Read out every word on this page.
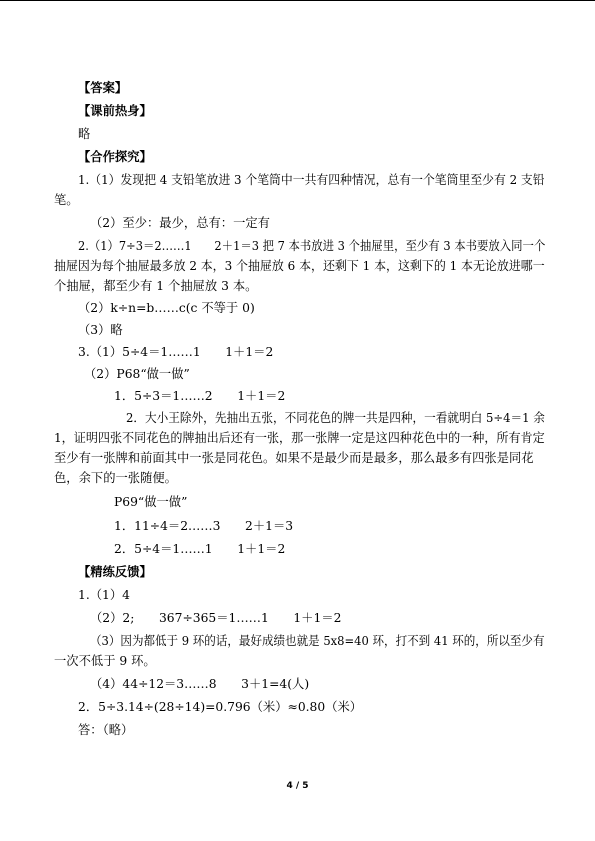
【答案】
【课前热身】
略
【合作探究】
1.（1）发现把 4 支铅笔放进 3 个笔筒中一共有四种情况，总有一个笔筒里至少有 2 支铅
笔。
（2）至少：最少，总有：一定有
2.（1）7÷3＝2……1　　2＋1＝3 把 7 本书放进 3 个抽屉里，至少有 3 本书要放入同一个
抽屉因为每个抽屉最多放 2 本，3 个抽屉放 6 本，还剩下 1 本，这剩下的 1 本无论放进哪一
个抽屉，都至少有 1 个抽屉放 3 本。
（2）k÷n=b……c(c 不等于 0)
（3）略
3.（1）5÷4＝1……1　　1＋1＝2
（2）P68“做一做”
1．5÷3＝1……2　　1＋1＝2
2．大小王除外，先抽出五张，不同花色的牌一共是四种，一看就明白 5÷4＝1 余
1，证明四张不同花色的牌抽出后还有一张，那一张牌一定是这四种花色中的一种，所有肯定
至少有一张牌和前面其中一张是同花色。如果不是最少而是最多，那么最多有四张是同花
色，余下的一张随便。
P69“做一做”
1．11÷4＝2……3　　2＋1＝3
2．5÷4＝1……1　　1＋1＝2
【精练反馈】
1.（1）4
（2）2;　　367÷365＝1……1　　1＋1＝2
（3）因为都低于 9 环的话，最好成绩也就是 5x8=40 环，打不到 41 环的，所以至少有
一次不低于 9 环。
（4）44÷12＝3……8　　3＋1=4(人)
2．5÷3.14÷(28÷14)=0.796（米）≈0.80（米）
答：（略）
4 / 5
